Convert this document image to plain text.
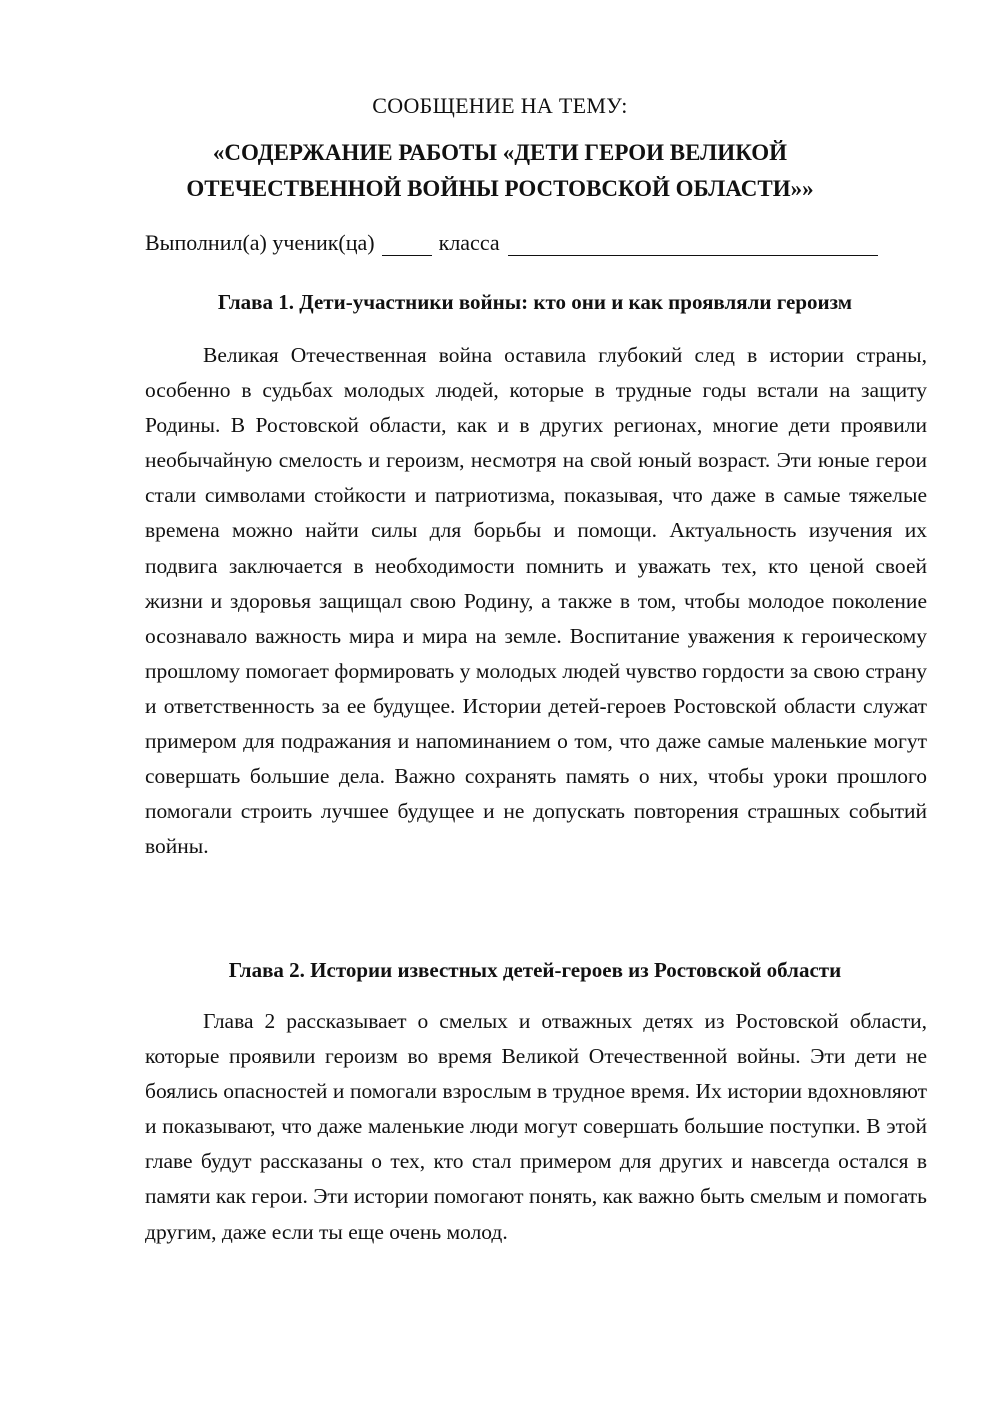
СООБЩЕНИЕ НА ТЕМУ:
«СОДЕРЖАНИЕ РАБОТЫ «ДЕТИ ГЕРОИ ВЕЛИКОЙ
ОТЕЧЕСТВЕННОЙ ВОЙНЫ РОСТОВСКОЙ ОБЛАСТИ»»
Выполнил(а) ученик(ца)	класса
Глава 1. Дети-участники войны: кто они и как проявляли героизм

Великая Отечественная война оставила глубокий след в истории страны, особенно в судьбах молодых людей, которые в трудные годы встали на защиту Родины. В Ростовской области, как и в других регионах, многие дети проявили необычайную смелость и героизм, несмотря на свой юный возраст. Эти юные герои стали символами стойкости и патриотизма, показывая, что даже в самые тяжелые времена можно найти силы для борьбы и помощи. Актуальность изучения их подвига заключается в необходимости помнить и уважать тех, кто ценой своей жизни и здоровья защищал свою Родину, а также в том, чтобы молодое поколение осознавало важность мира и мира на земле. Воспитание уважения к героическому прошлому помогает формировать у молодых людей чувство гордости за свою страну и ответственность за ее будущее. Истории детей-героев Ростовской области служат примером для подражания и напоминанием о том, что даже самые маленькие могут совершать большие дела. Важно сохранять память о них, чтобы уроки прошлого помогали строить лучшее будущее и не допускать повторения страшных событий войны.

Глава 2. Истории известных детей-героев из Ростовской области

Глава 2 рассказывает о смелых и отважных детях из Ростовской области, которые проявили героизм во время Великой Отечественной войны. Эти дети не боялись опасностей и помогали взрослым в трудное время. Их истории вдохновляют и показывают, что даже маленькие люди могут совершать большие поступки. В этой главе будут рассказаны о тех, кто стал примером для других и навсегда остался в памяти как герои. Эти истории помогают понять, как важно быть смелым и помогать другим, даже если ты еще очень молод.
